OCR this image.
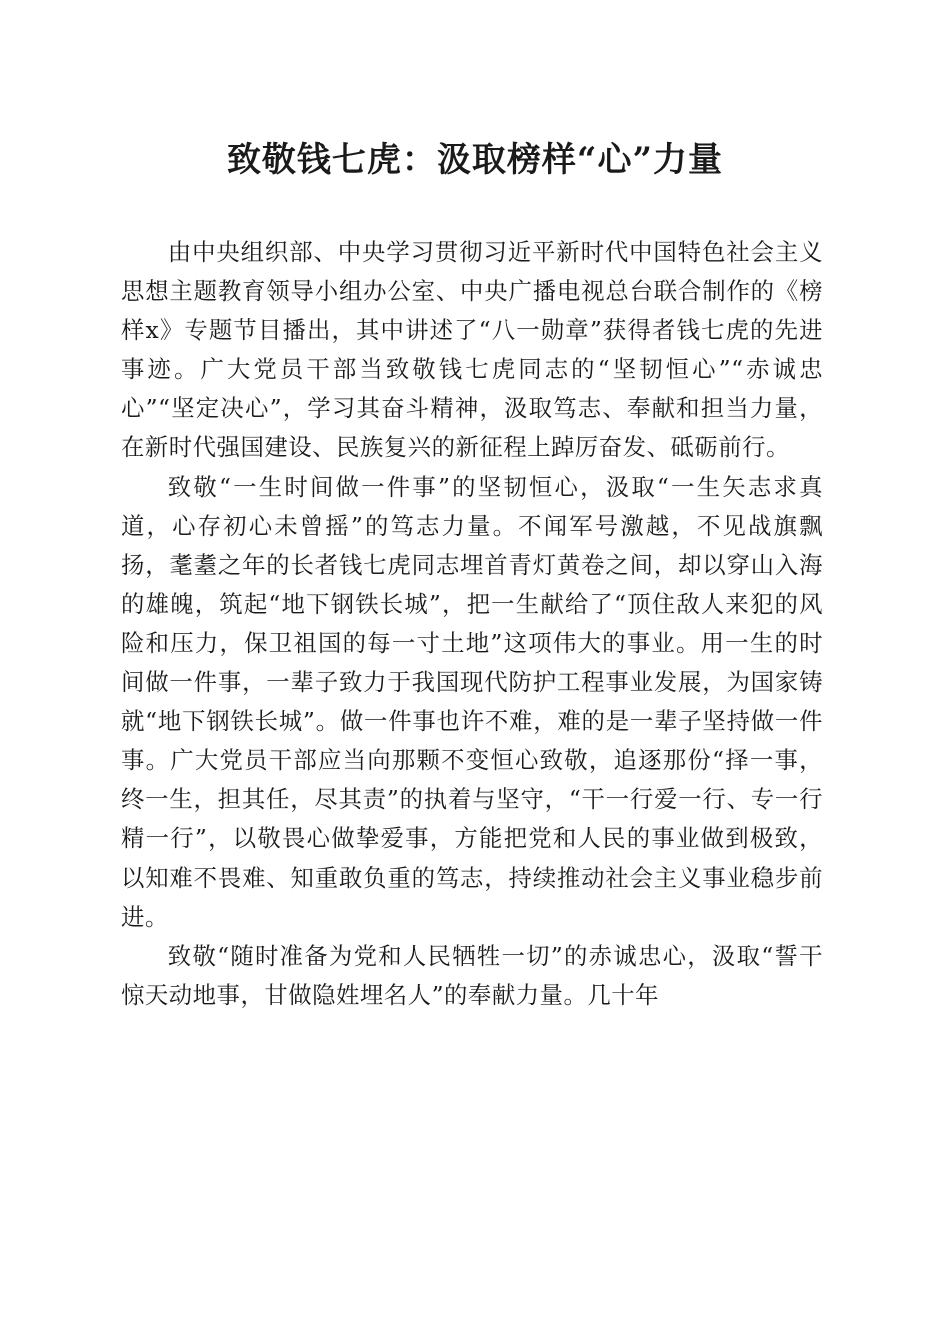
致敬钱七虎：汲取榜样“心”力量

由中央组织部、中央学习贯彻习近平新时代中国特色社会主义思想主题教育领导小组办公室、中央广播电视总台联合制作的《榜样x》专题节目播出，其中讲述了“八一勋章”获得者钱七虎的先进事迹。广大党员干部当致敬钱七虎同志的“坚韧恒心”“赤诚忠心”“坚定决心”，学习其奋斗精神，汲取笃志、奉献和担当力量，在新时代强国建设、民族复兴的新征程上踔厉奋发、砥砺前行。

致敬“一生时间做一件事”的坚韧恒心，汲取“一生矢志求真道，心存初心未曾摇”的笃志力量。不闻军号激越，不见战旗飘扬，耄耋之年的长者钱七虎同志埋首青灯黄卷之间，却以穿山入海的雄魄，筑起“地下钢铁长城”，把一生献给了“顶住敌人来犯的风险和压力，保卫祖国的每一寸土地”这项伟大的事业。用一生的时间做一件事，一辈子致力于我国现代防护工程事业发展，为国家铸就“地下钢铁长城”。做一件事也许不难，难的是一辈子坚持做一件事。广大党员干部应当向那颗不变恒心致敬，追逐那份“择一事，终一生，担其任，尽其责”的执着与坚守，“干一行爱一行、专一行精一行”，以敬畏心做挚爱事，方能把党和人民的事业做到极致，以知难不畏难、知重敢负重的笃志，持续推动社会主义事业稳步前进。

致敬“随时准备为党和人民牺牲一切”的赤诚忠心，汲取“誓干惊天动地事，甘做隐姓埋名人”的奉献力量。几十年
